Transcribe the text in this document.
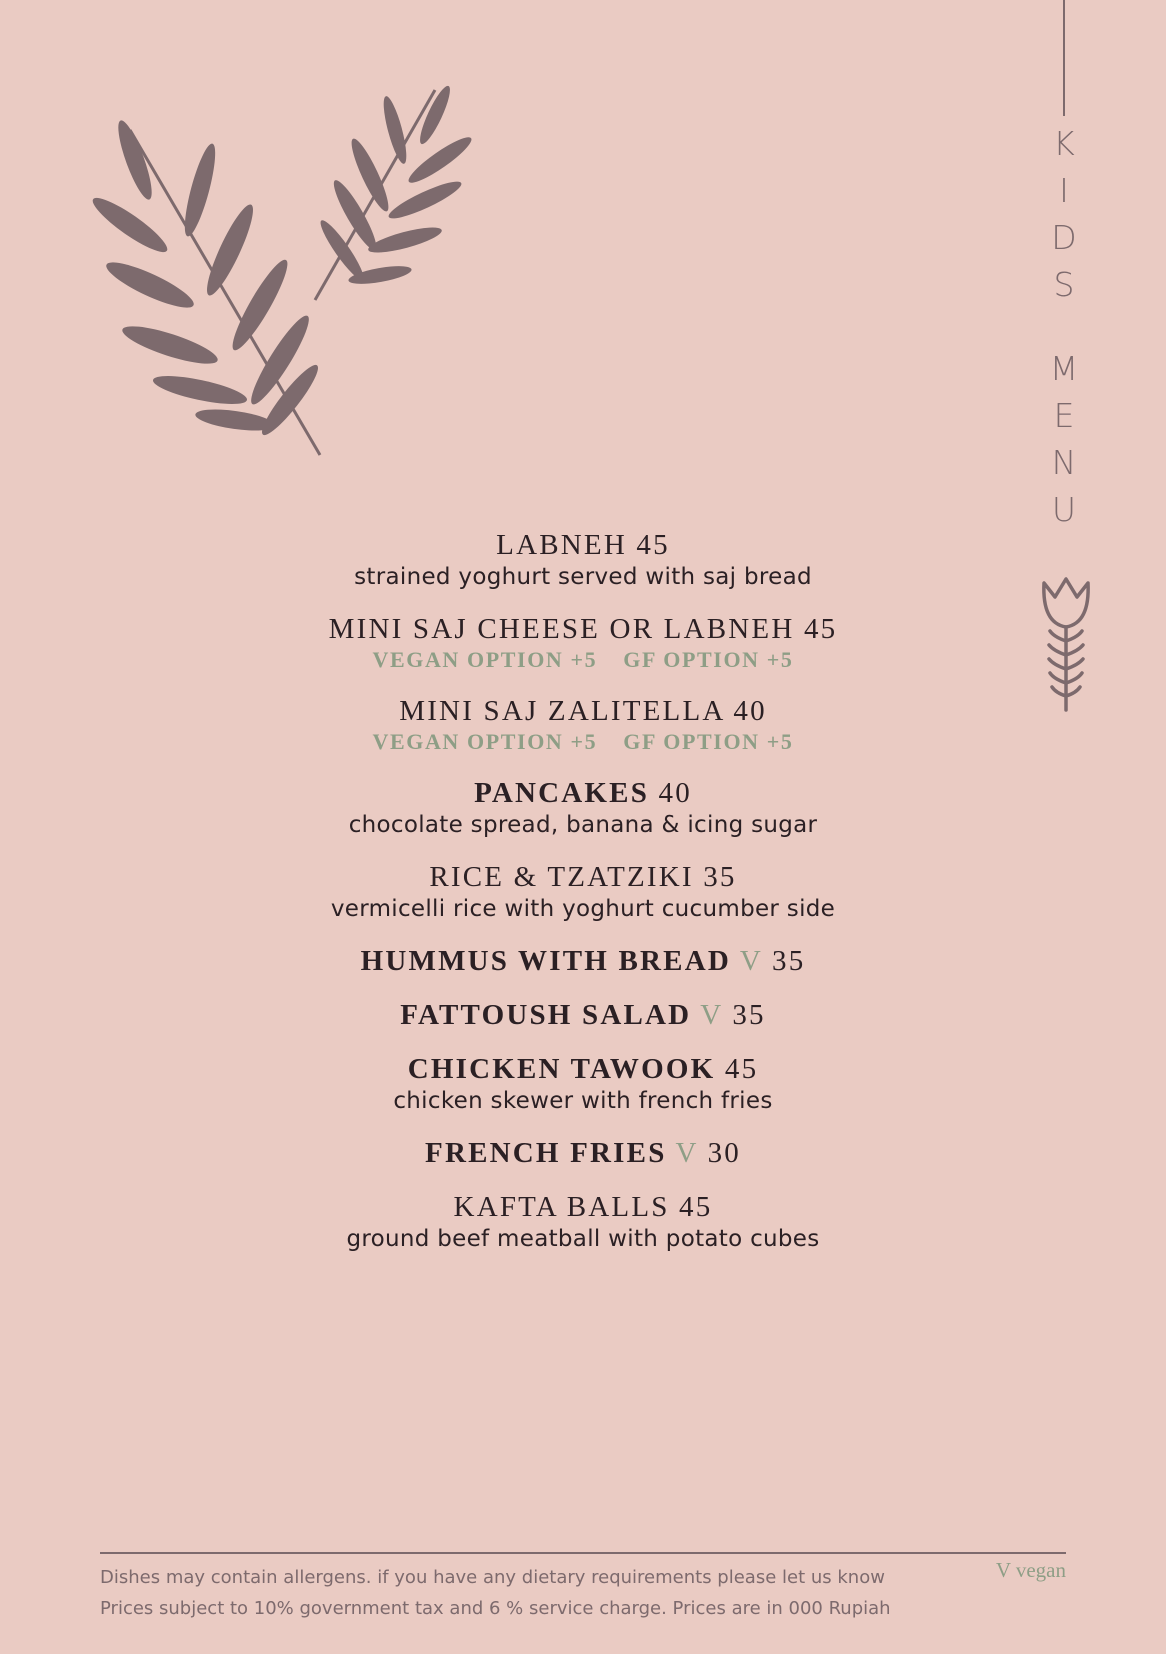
K
I
D
S
M
E
N
U
LABNEH 45
strained yoghurt served with saj bread
MINI SAJ CHEESE OR LABNEH 45
VEGAN OPTION +5 GF OPTION +5
MINI SAJ ZALITELLA 40
VEGAN OPTION +5 GF OPTION +5
PANCAKES 40
chocolate spread, banana & icing sugar
RICE & TZATZIKI 35
vermicelli rice with yoghurt cucumber side
HUMMUS WITH BREAD V 35
FATTOUSH SALAD V 35
CHICKEN TAWOOK 45
chicken skewer with french fries
FRENCH FRIES V 30
KAFTA BALLS 45
ground beef meatball with potato cubes
Dishes may contain allergens. if you have any dietary requirements please let us know
Prices subject to 10% government tax and 6 % service charge. Prices are in 000 Rupiah
V vegan
